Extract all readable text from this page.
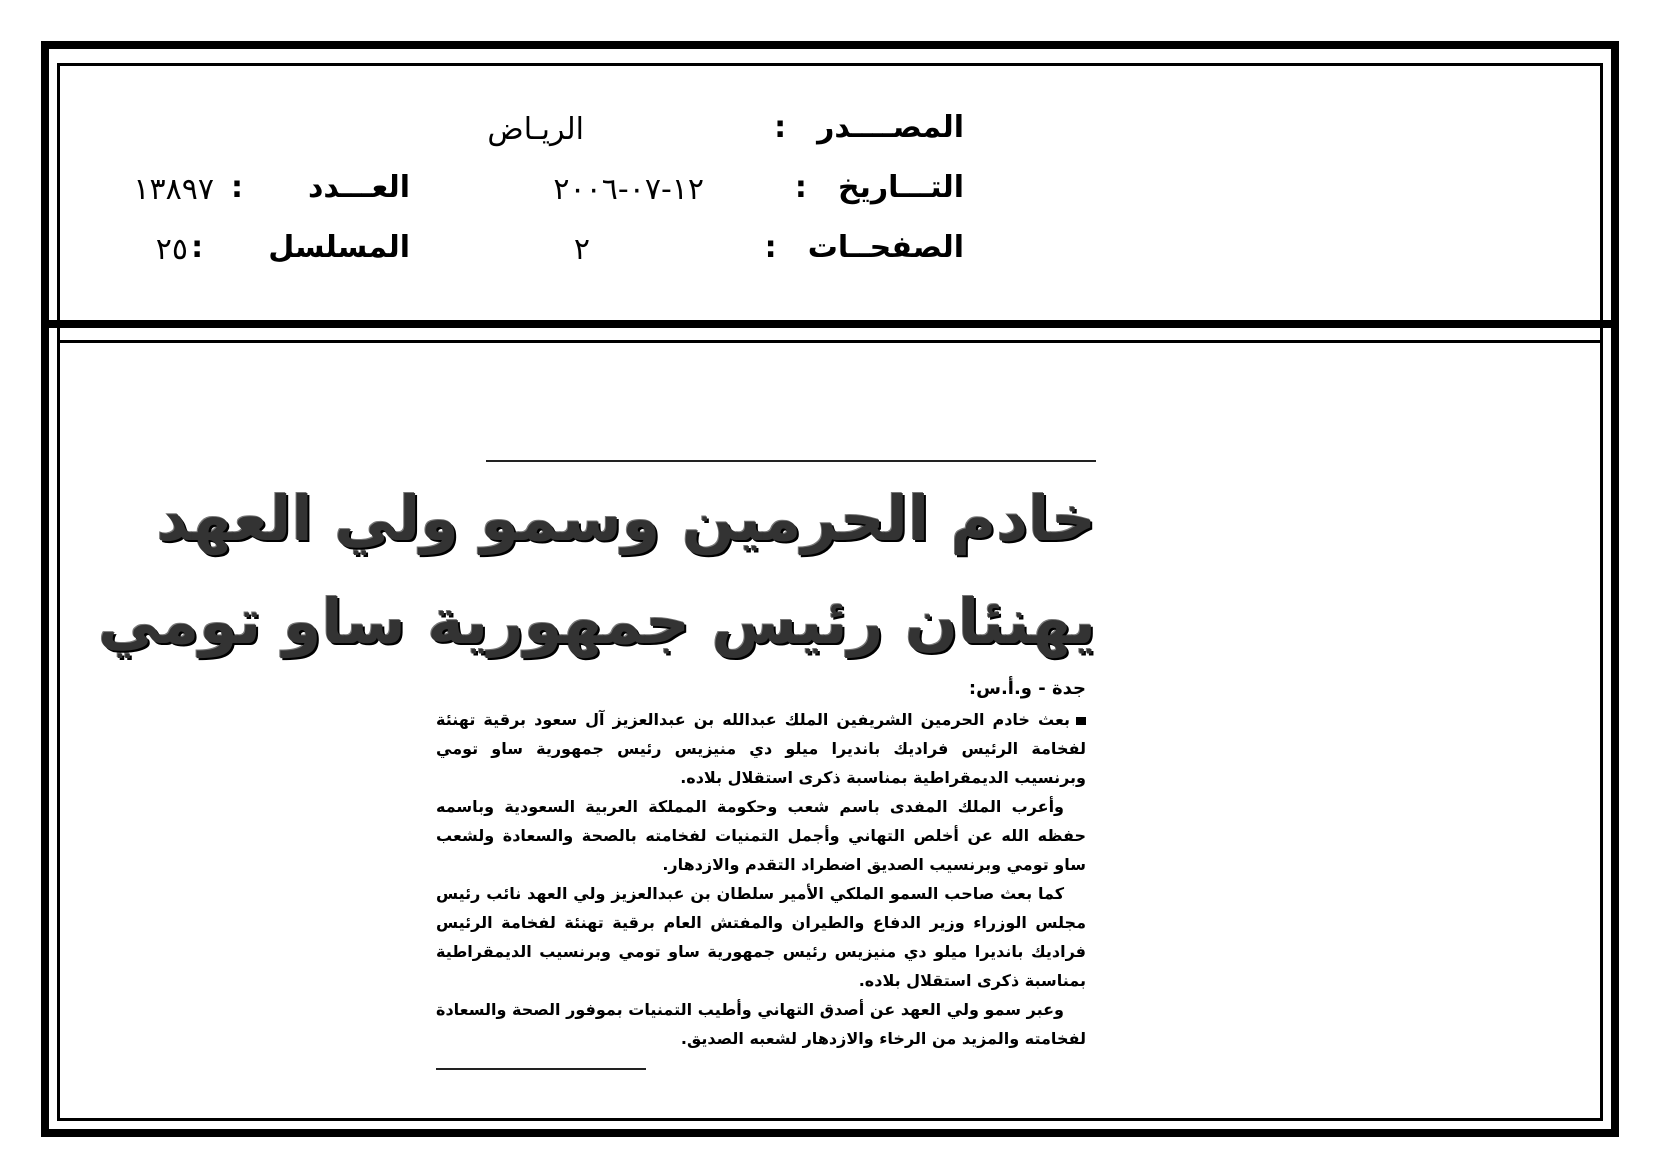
المصــــدر :
الريـاض
التـــاريخ :
١٢-٠٧-٢٠٠٦
العـــدد :
١٣٨٩٧
الصفحــات :
٢
المسلسل :
٢٥
خادم الحرمين وسمو ولي العهد
يهنئان رئيس جمهورية ساو تومي
جدة - و.أ.س:

بعث خادم الحرمين الشريفين الملك عبدالله بن عبدالعزيز آل سعود برقية تهنئة لفخامة الرئيس فراديك بانديرا ميلو دي منيزيس رئيس جمهورية ساو تومي وبرنسيب الديمقراطية بمناسبة ذكرى استقلال بلاده.

وأعرب الملك المفدى باسم شعب وحكومة المملكة العربية السعودية وباسمه حفظه الله عن أخلص التهاني وأجمل التمنيات لفخامته بالصحة والسعادة ولشعب ساو تومي وبرنسيب الصديق اضطراد التقدم والازدهار.

كما بعث صاحب السمو الملكي الأمير سلطان بن عبدالعزيز ولي العهد نائب رئيس مجلس الوزراء وزير الدفاع والطيران والمفتش العام برقية تهنئة لفخامة الرئيس فراديك بانديرا ميلو دي منيزيس رئيس جمهورية ساو تومي وبرنسيب الديمقراطية بمناسبة ذكرى استقلال بلاده.

وعبر سمو ولي العهد عن أصدق التهاني وأطيب التمنيات بموفور الصحة والسعادة لفخامته والمزيد من الرخاء والازدهار لشعبه الصديق.
